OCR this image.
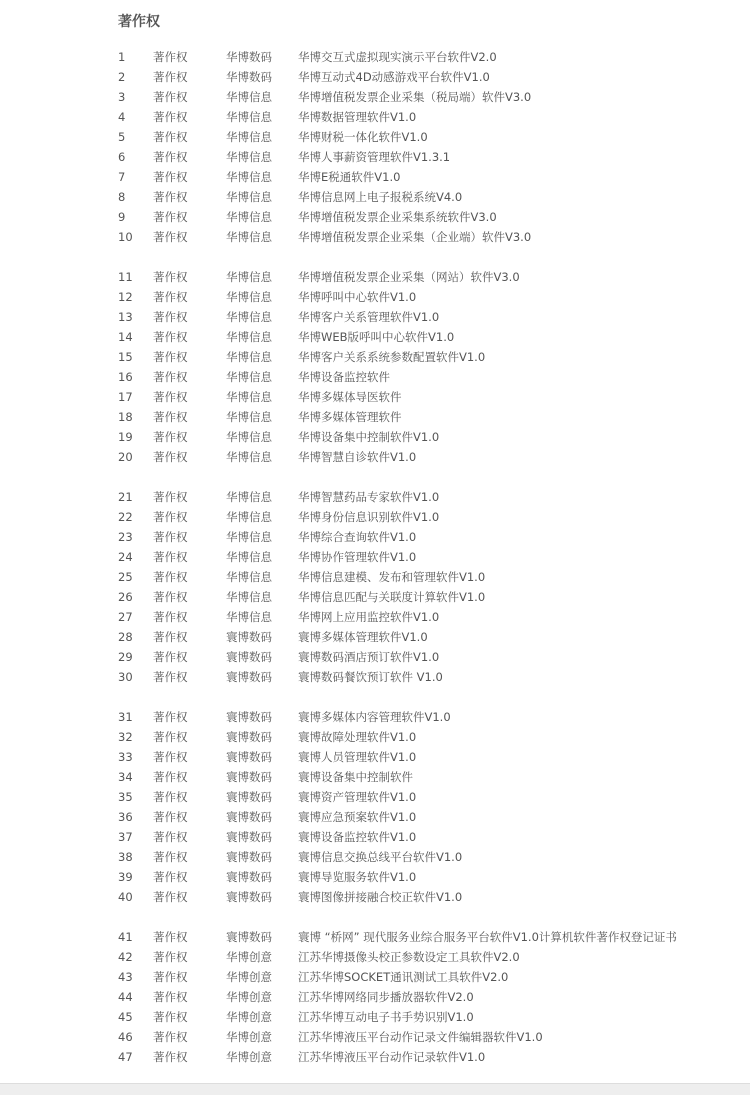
著作权
1 著作权	华博数码 华博交互式虚拟现实演示平台软件V2.0
2 著作权	华博数码 华博互动式4D动感游戏平台软件V1.0
3 著作权	华博信息 华博增值税发票企业采集（税局端）软件V3.0
4 著作权	华博信息 华博数据管理软件V1.0
5 著作权	华博信息 华博财税一体化软件V1.0
6 著作权	华博信息 华博人事薪资管理软件V1.3.1
7 著作权	华博信息 华博E税通软件V1.0
8 著作权	华博信息 华博信息网上电子报税系统V4.0
9 著作权	华博信息 华博增值税发票企业采集系统软件V3.0
10 著作权	华博信息 华博增值税发票企业采集（企业端）软件V3.0
11 著作权	华博信息 华博增值税发票企业采集（网站）软件V3.0
12 著作权	华博信息 华博呼叫中心软件V1.0
13 著作权	华博信息 华博客户关系管理软件V1.0
14 著作权	华博信息 华博WEB版呼叫中心软件V1.0
15 著作权	华博信息 华博客户关系系统参数配置软件V1.0
16 著作权	华博信息 华博设备监控软件
17 著作权	华博信息 华博多媒体导医软件
18 著作权	华博信息 华博多媒体管理软件
19 著作权	华博信息 华博设备集中控制软件V1.0
20 著作权	华博信息 华博智慧自诊软件V1.0
21 著作权	华博信息 华博智慧药品专家软件V1.0
22 著作权	华博信息 华博身份信息识别软件V1.0
23 著作权	华博信息 华博综合查询软件V1.0
24 著作权	华博信息 华博协作管理软件V1.0
25 著作权	华博信息 华博信息建模、发布和管理软件V1.0
26 著作权	华博信息 华博信息匹配与关联度计算软件V1.0
27 著作权	华博信息 华博网上应用监控软件V1.0
28 著作权	寰博数码 寰博多媒体管理软件V1.0
29 著作权	寰博数码 寰博数码酒店预订软件V1.0
30 著作权	寰博数码 寰博数码餐饮预订软件 V1.0
31 著作权	寰博数码 寰博多媒体内容管理软件V1.0
32 著作权	寰博数码 寰博故障处理软件V1.0
33 著作权	寰博数码 寰博人员管理软件V1.0
34 著作权	寰博数码 寰博设备集中控制软件
35 著作权	寰博数码 寰博资产管理软件V1.0
36 著作权	寰博数码 寰博应急预案软件V1.0
37 著作权	寰博数码 寰博设备监控软件V1.0
38 著作权	寰博数码 寰博信息交换总线平台软件V1.0
39 著作权	寰博数码 寰博导览服务软件V1.0
40 著作权	寰博数码 寰博图像拼接融合校正软件V1.0
41 著作权	寰博数码 寰博 “桥网” 现代服务业综合服务平台软件V1.0计算机软件著作权登记证书
42 著作权	华博创意 江苏华博摄像头校正参数设定工具软件V2.0
43 著作权	华博创意 江苏华博SOCKET通讯测试工具软件V2.0
44 著作权	华博创意 江苏华博网络同步播放器软件V2.0
45 著作权	华博创意 江苏华博互动电子书手势识别V1.0
46 著作权	华博创意 江苏华博液压平台动作记录文件编辑器软件V1.0
47 著作权	华博创意 江苏华博液压平台动作记录软件V1.0
